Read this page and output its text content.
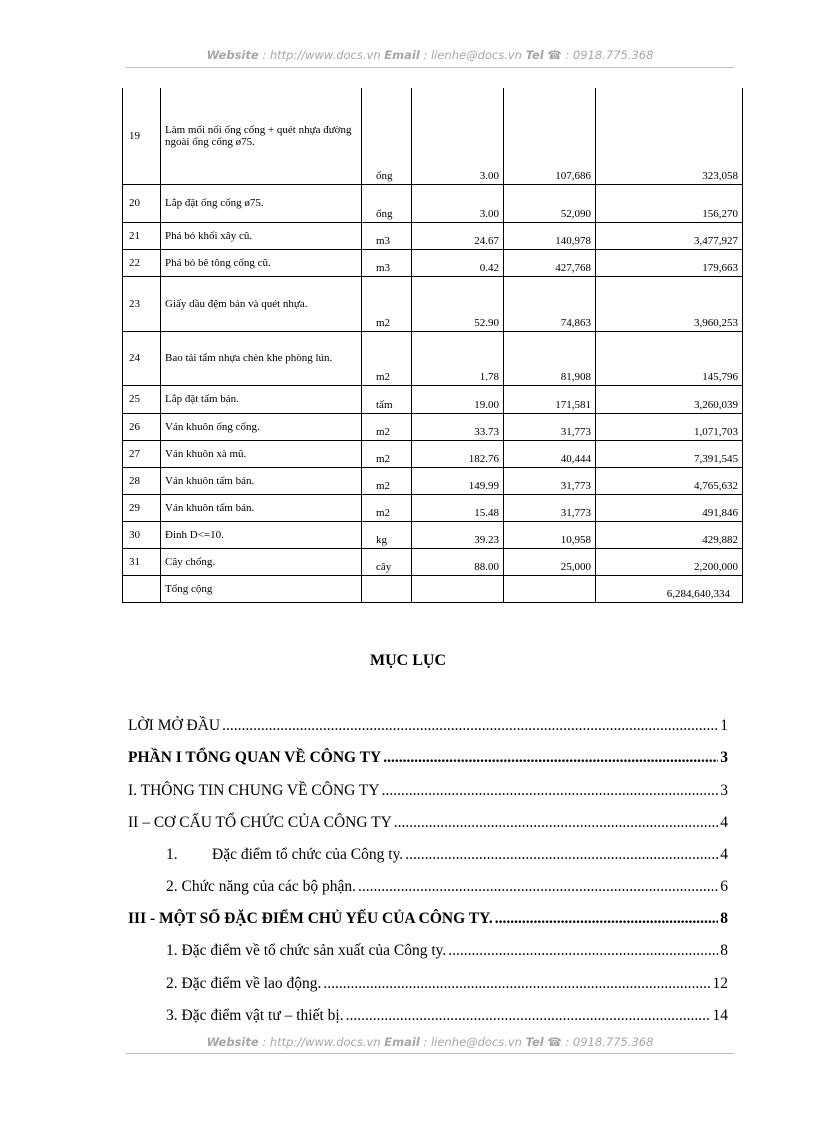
Website : http://www.docs.vn Email : lienhe@docs.vn Tel ☎ : 0918.775.368
19	Làm mối nối ống cống + quét nhựa đường ngoài ống cống ø75.	ống	3.00	107,686	323,058
20	Lắp đặt ống cống ø75.	ống	3.00	52,090	156,270
21	Phá bỏ khối xây cũ.	m3	24.67	140,978	3,477,927
22	Phá bỏ bê tông cống cũ.	m3	0.42	427,768	179,663
23	Giấy dầu đệm bản và quét nhựa.	m2	52.90	74,863	3,960,253
24	Bao tải tẩm nhựa chèn khe phòng lún.	m2	1.78	81,908	145,796
25	Lắp đặt tấm bản.	tấm	19.00	171,581	3,260,039
26	Ván khuôn ống cống.	m2	33.73	31,773	1,071,703
27	Ván khuôn xà mũ.	m2	182.76	40,444	7,391,545
28	Ván khuôn tấm bản.	m2	149.99	31,773	4,765,632
29	Ván khuôn tấm bản.	m2	15.48	31,773	491,846
30	Đinh D<=10.	kg	39.23	10,958	429,882
31	Cây chống.	cây	88.00	25,000	2,200,000
	Tổng cộng				6,284,640,334
MỤC LỤC
LỜI MỞ ĐẦU .....	1
PHẦN I TỔNG QUAN VỀ CÔNG TY .....	3
I. THÔNG TIN CHUNG VỀ CÔNG TY .....	3
II – CƠ CẤU TỔ CHỨC CỦA CÔNG TY .....	4
1. Đặc điểm tổ chức của Công ty. .....	4
2. Chức năng của các bộ phận. .....	6
III - MỘT SỐ ĐẶC ĐIỂM CHỦ YẾU CỦA CÔNG TY. .....	8
1. Đặc điểm về tổ chức sản xuất của Công ty. .....	8
2. Đặc điểm về lao động. .....	12
3. Đặc điểm vật tư – thiết bị. .....	14
Website : http://www.docs.vn Email : lienhe@docs.vn Tel ☎ : 0918.775.368
